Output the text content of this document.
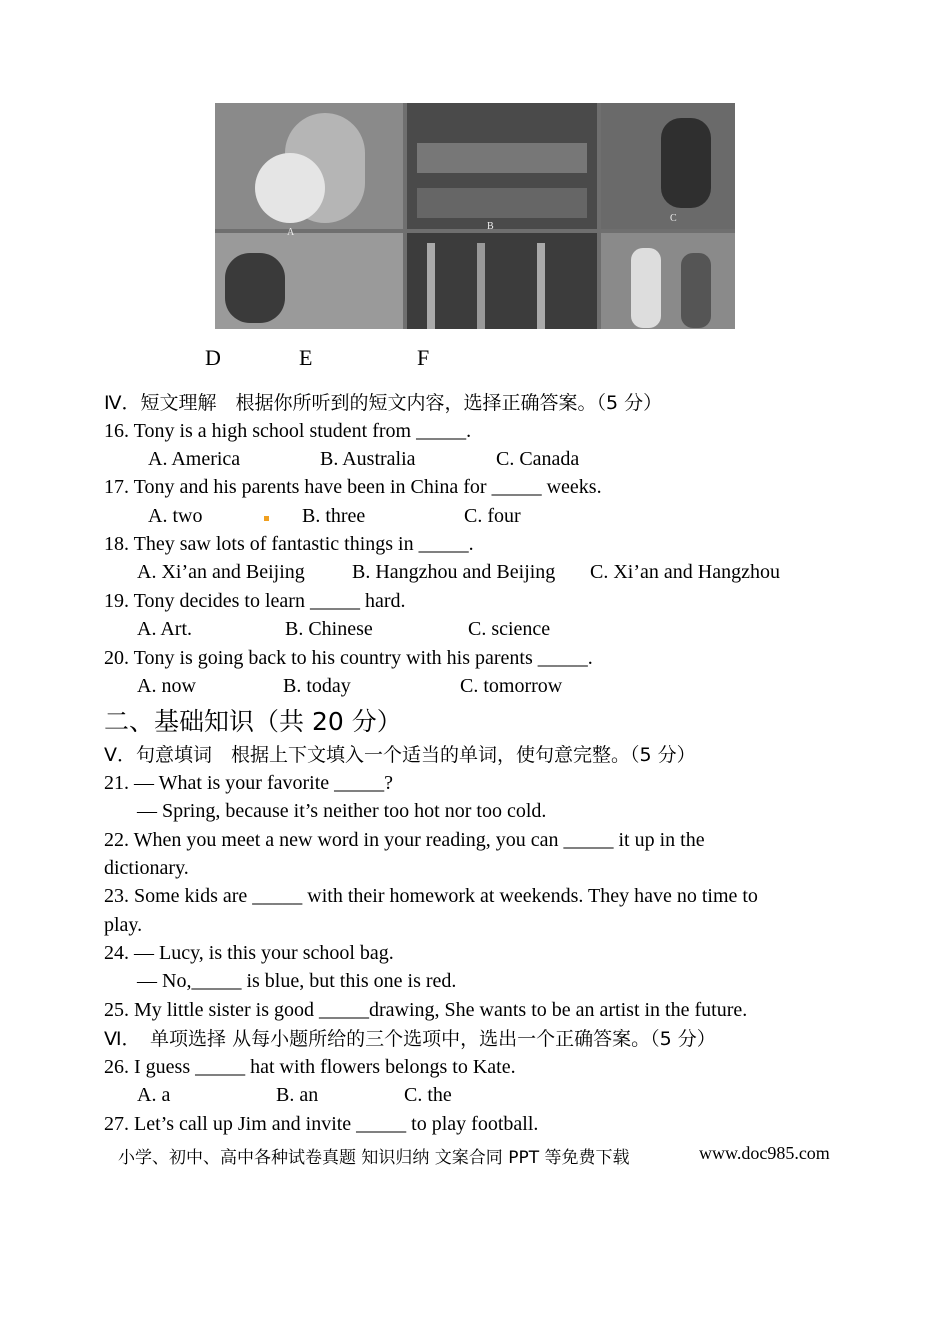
A
B
C
D	E	F
Ⅳ．短文理解　根据你所听到的短文内容，选择正确答案。（5 分）
16. Tony is a high school student from _____.
A. America	B. Australia	C. Canada
17. Tony and his parents have been in China for _____ weeks.
A. two	B. three	C. four
18. They saw lots of fantastic things in _____.
A. Xi’an and Beijing B. Hangzhou and Beijing C. Xi’an and Hangzhou
19. Tony decides to learn _____ hard.
A. Art.	B. Chinese	C. science
20. Tony is going back to his country with his parents _____.
A. now	B. today	C. tomorrow
二、基础知识（共 20 分）
Ⅴ．句意填词　根据上下文填入一个适当的单词，使句意完整。（5 分）
21. — What is your favorite _____?
— Spring, because it’s neither too hot nor too cold.
22. When you meet a new word in your reading, you can _____ it up in the
dictionary.
23. Some kids are _____ with their homework at weekends. They have no time to
play.
24. — Lucy, is this your school bag.
— No,_____ is blue, but this one is red.
25. My little sister is good _____drawing, She wants to be an artist in the future.
Ⅵ．　单项选择 从每小题所给的三个选项中，选出一个正确答案。（5 分）
26. I guess _____ hat with flowers belongs to Kate.
A. a	B. an	C. the
27. Let’s call up Jim and invite _____ to play football.
小学、初中、高中各种试卷真题 知识归纳 文案合同 PPT 等免费下载	www.doc985.com
